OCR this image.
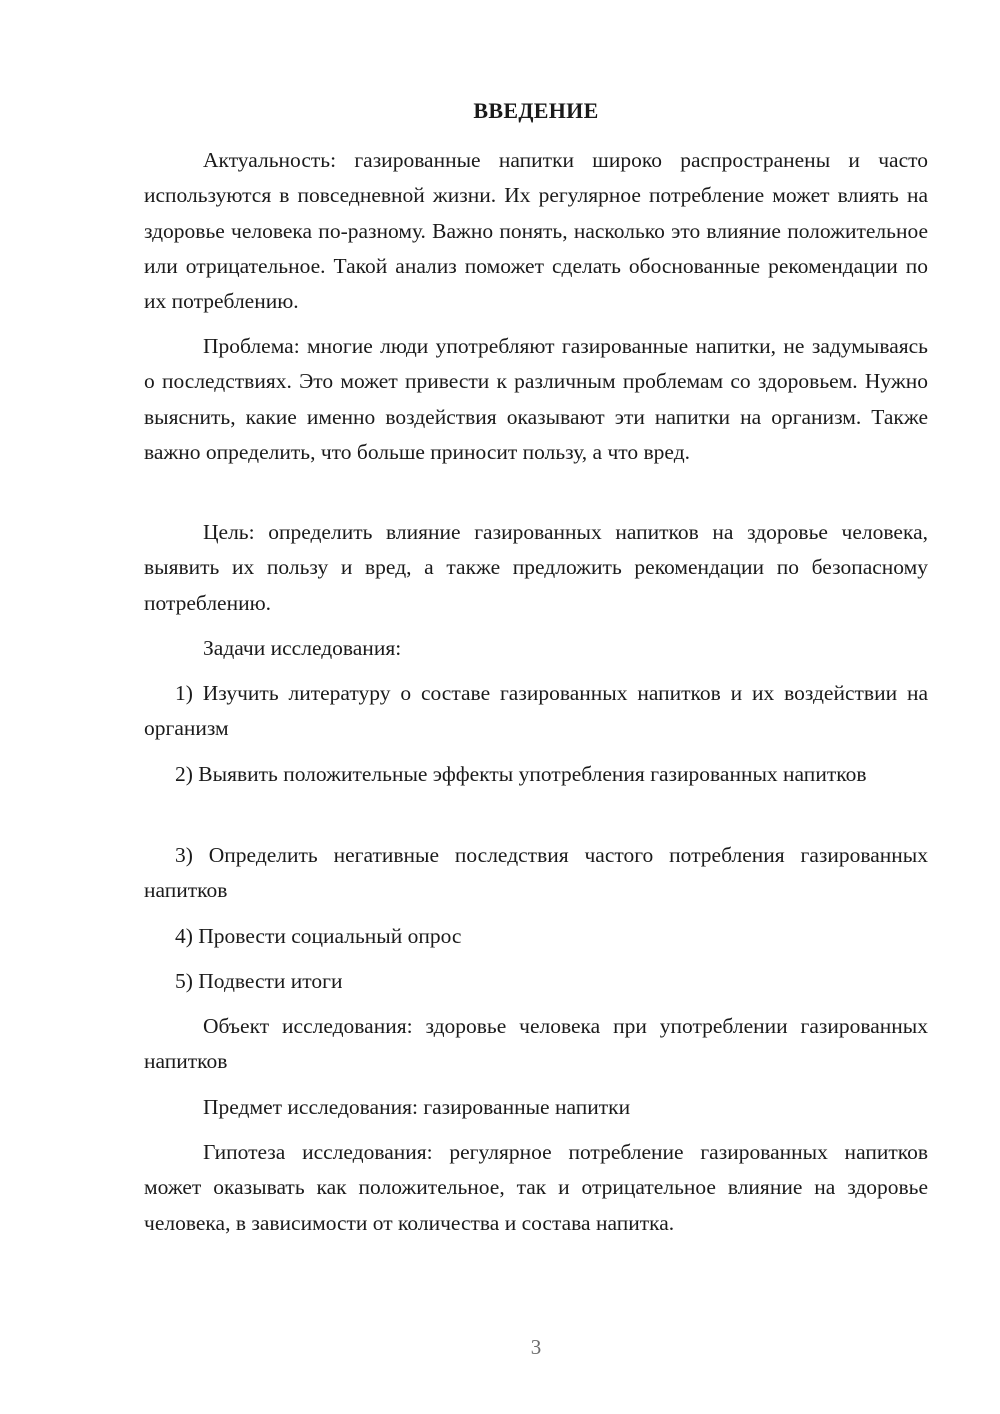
ВВЕДЕНИЕ

Актуальность: газированные напитки широко распространены и часто используются в повседневной жизни. Их регулярное потребление может влиять на здоровье человека по-разному. Важно понять, насколько это влияние положительное или отрицательное. Такой анализ поможет сделать обоснованные рекомендации по их потреблению.

Проблема: многие люди употребляют газированные напитки, не задумываясь о последствиях. Это может привести к различным проблемам со здоровьем. Нужно выяснить, какие именно воздействия оказывают эти напитки на организм. Также важно определить, что больше приносит пользу, а что вред.

Цель: определить влияние газированных напитков на здоровье человека, выявить их пользу и вред, а также предложить рекомендации по безопасному потреблению.

Задачи исследования:

1) Изучить литературу о составе газированных напитков и их воздействии на организм

2) Выявить положительные эффекты употребления газированных напитков

3) Определить негативные последствия частого потребления газированных напитков

4) Провести социальный опрос

5) Подвести итоги

Объект исследования: здоровье человека при употреблении газированных напитков

Предмет исследования: газированные напитки

Гипотеза исследования: регулярное потребление газированных напитков может оказывать как положительное, так и отрицательное влияние на здоровье человека, в зависимости от количества и состава напитка.

3
